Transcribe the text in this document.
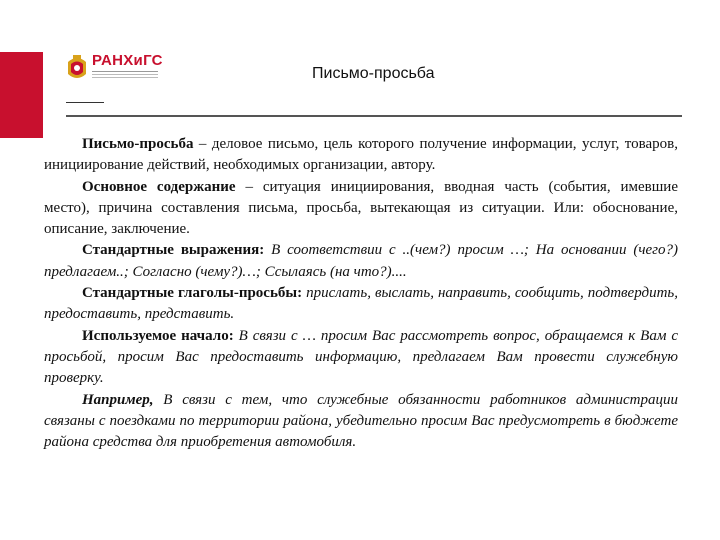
РАНХиГС
Письмо-просьба

Письмо-просьба – деловое письмо, цель которого получение информации, услуг, товаров, инициирование действий, необходимых организации, автору.

Основное содержание – ситуация инициирования, вводная часть (события, имевшие место), причина составления письма, просьба, вытекающая из ситуации. Или: обоснование, описание, заключение.

Стандартные выражения: В соответствии с ..(чем?) просим …; На основании (чего?) предлагаем..; Согласно (чему?)…; Ссылаясь (на что?)....

Стандартные глаголы-просьбы: прислать, выслать, направить, сообщить, подтвердить, предоставить, представить.

Используемое начало: В связи с … просим Вас рассмотреть вопрос, обращаемся к Вам с просьбой, просим Вас предоставить информацию, предлагаем Вам провести служебную проверку.

Например, В связи с тем, что служебные обязанности работников администрации связаны с поездками по территории района, убедительно просим Вас предусмотреть в бюджете района средства для приобретения автомобиля.
